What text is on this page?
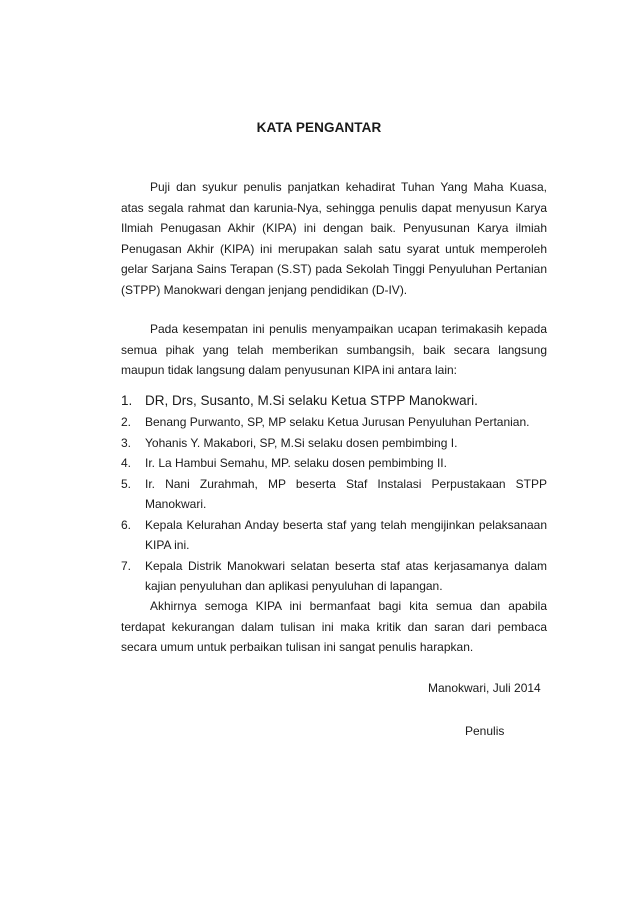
KATA PENGANTAR

Puji dan syukur penulis panjatkan kehadirat Tuhan Yang Maha Kuasa, atas segala rahmat dan karunia-Nya, sehingga penulis dapat menyusun Karya Ilmiah Penugasan Akhir (KIPA) ini dengan baik. Penyusunan Karya ilmiah Penugasan Akhir (KIPA) ini merupakan salah satu syarat untuk memperoleh gelar Sarjana Sains Terapan (S.ST) pada Sekolah Tinggi Penyuluhan Pertanian (STPP) Manokwari dengan jenjang pendidikan (D-IV).

Pada kesempatan ini penulis menyampaikan ucapan terimakasih kepada semua pihak yang telah memberikan sumbangsih, baik secara langsung maupun tidak langsung dalam penyusunan KIPA ini antara lain:

1. DR, Drs, Susanto, M.Si selaku Ketua STPP Manokwari.
2. Benang Purwanto, SP, MP selaku Ketua Jurusan Penyuluhan Pertanian.
3. Yohanis Y. Makabori, SP, M.Si selaku dosen pembimbing I.
4. Ir. La Hambui Semahu, MP. selaku dosen pembimbing II.
5. Ir. Nani Zurahmah, MP beserta Staf Instalasi Perpustakaan STPP Manokwari.
6. Kepala Kelurahan Anday beserta staf yang telah mengijinkan pelaksanaan KIPA ini.
7. Kepala Distrik Manokwari selatan beserta staf atas kerjasamanya dalam kajian penyuluhan dan aplikasi penyuluhan di lapangan.

Akhirnya semoga KIPA ini bermanfaat bagi kita semua dan apabila terdapat kekurangan dalam tulisan ini maka kritik dan saran dari pembaca secara umum untuk perbaikan tulisan ini sangat penulis harapkan.

Manokwari, Juli 2014
Penulis
